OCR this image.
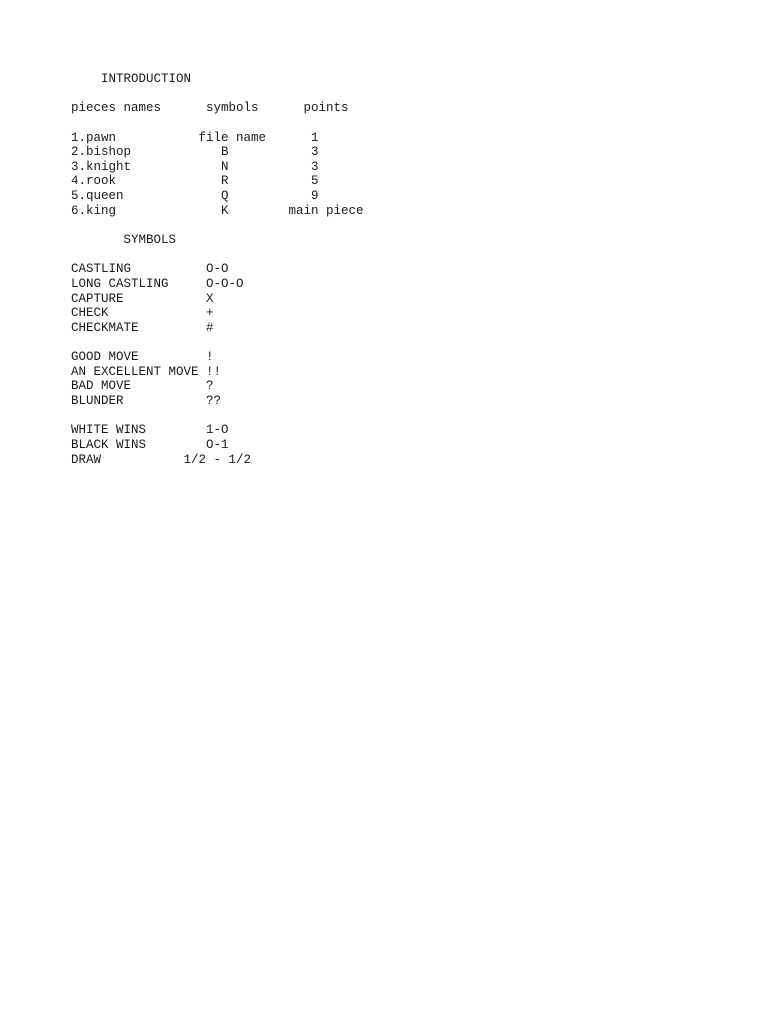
INTRODUCTION
pieces names      symbols      points
1.pawn           file name      1
2.bishop            B           3
3.knight            N           3
4.rook              R           5
5.queen             Q           9
6.king              K        main piece
SYMBOLS
CASTLING          O-O
LONG CASTLING     O-O-O
CAPTURE           X
CHECK             +
CHECKMATE         #
GOOD MOVE         !
AN EXCELLENT MOVE !!
BAD MOVE          ?
BLUNDER           ??
WHITE WINS        1-O
BLACK WINS        O-1
DRAW           1/2 - 1/2
